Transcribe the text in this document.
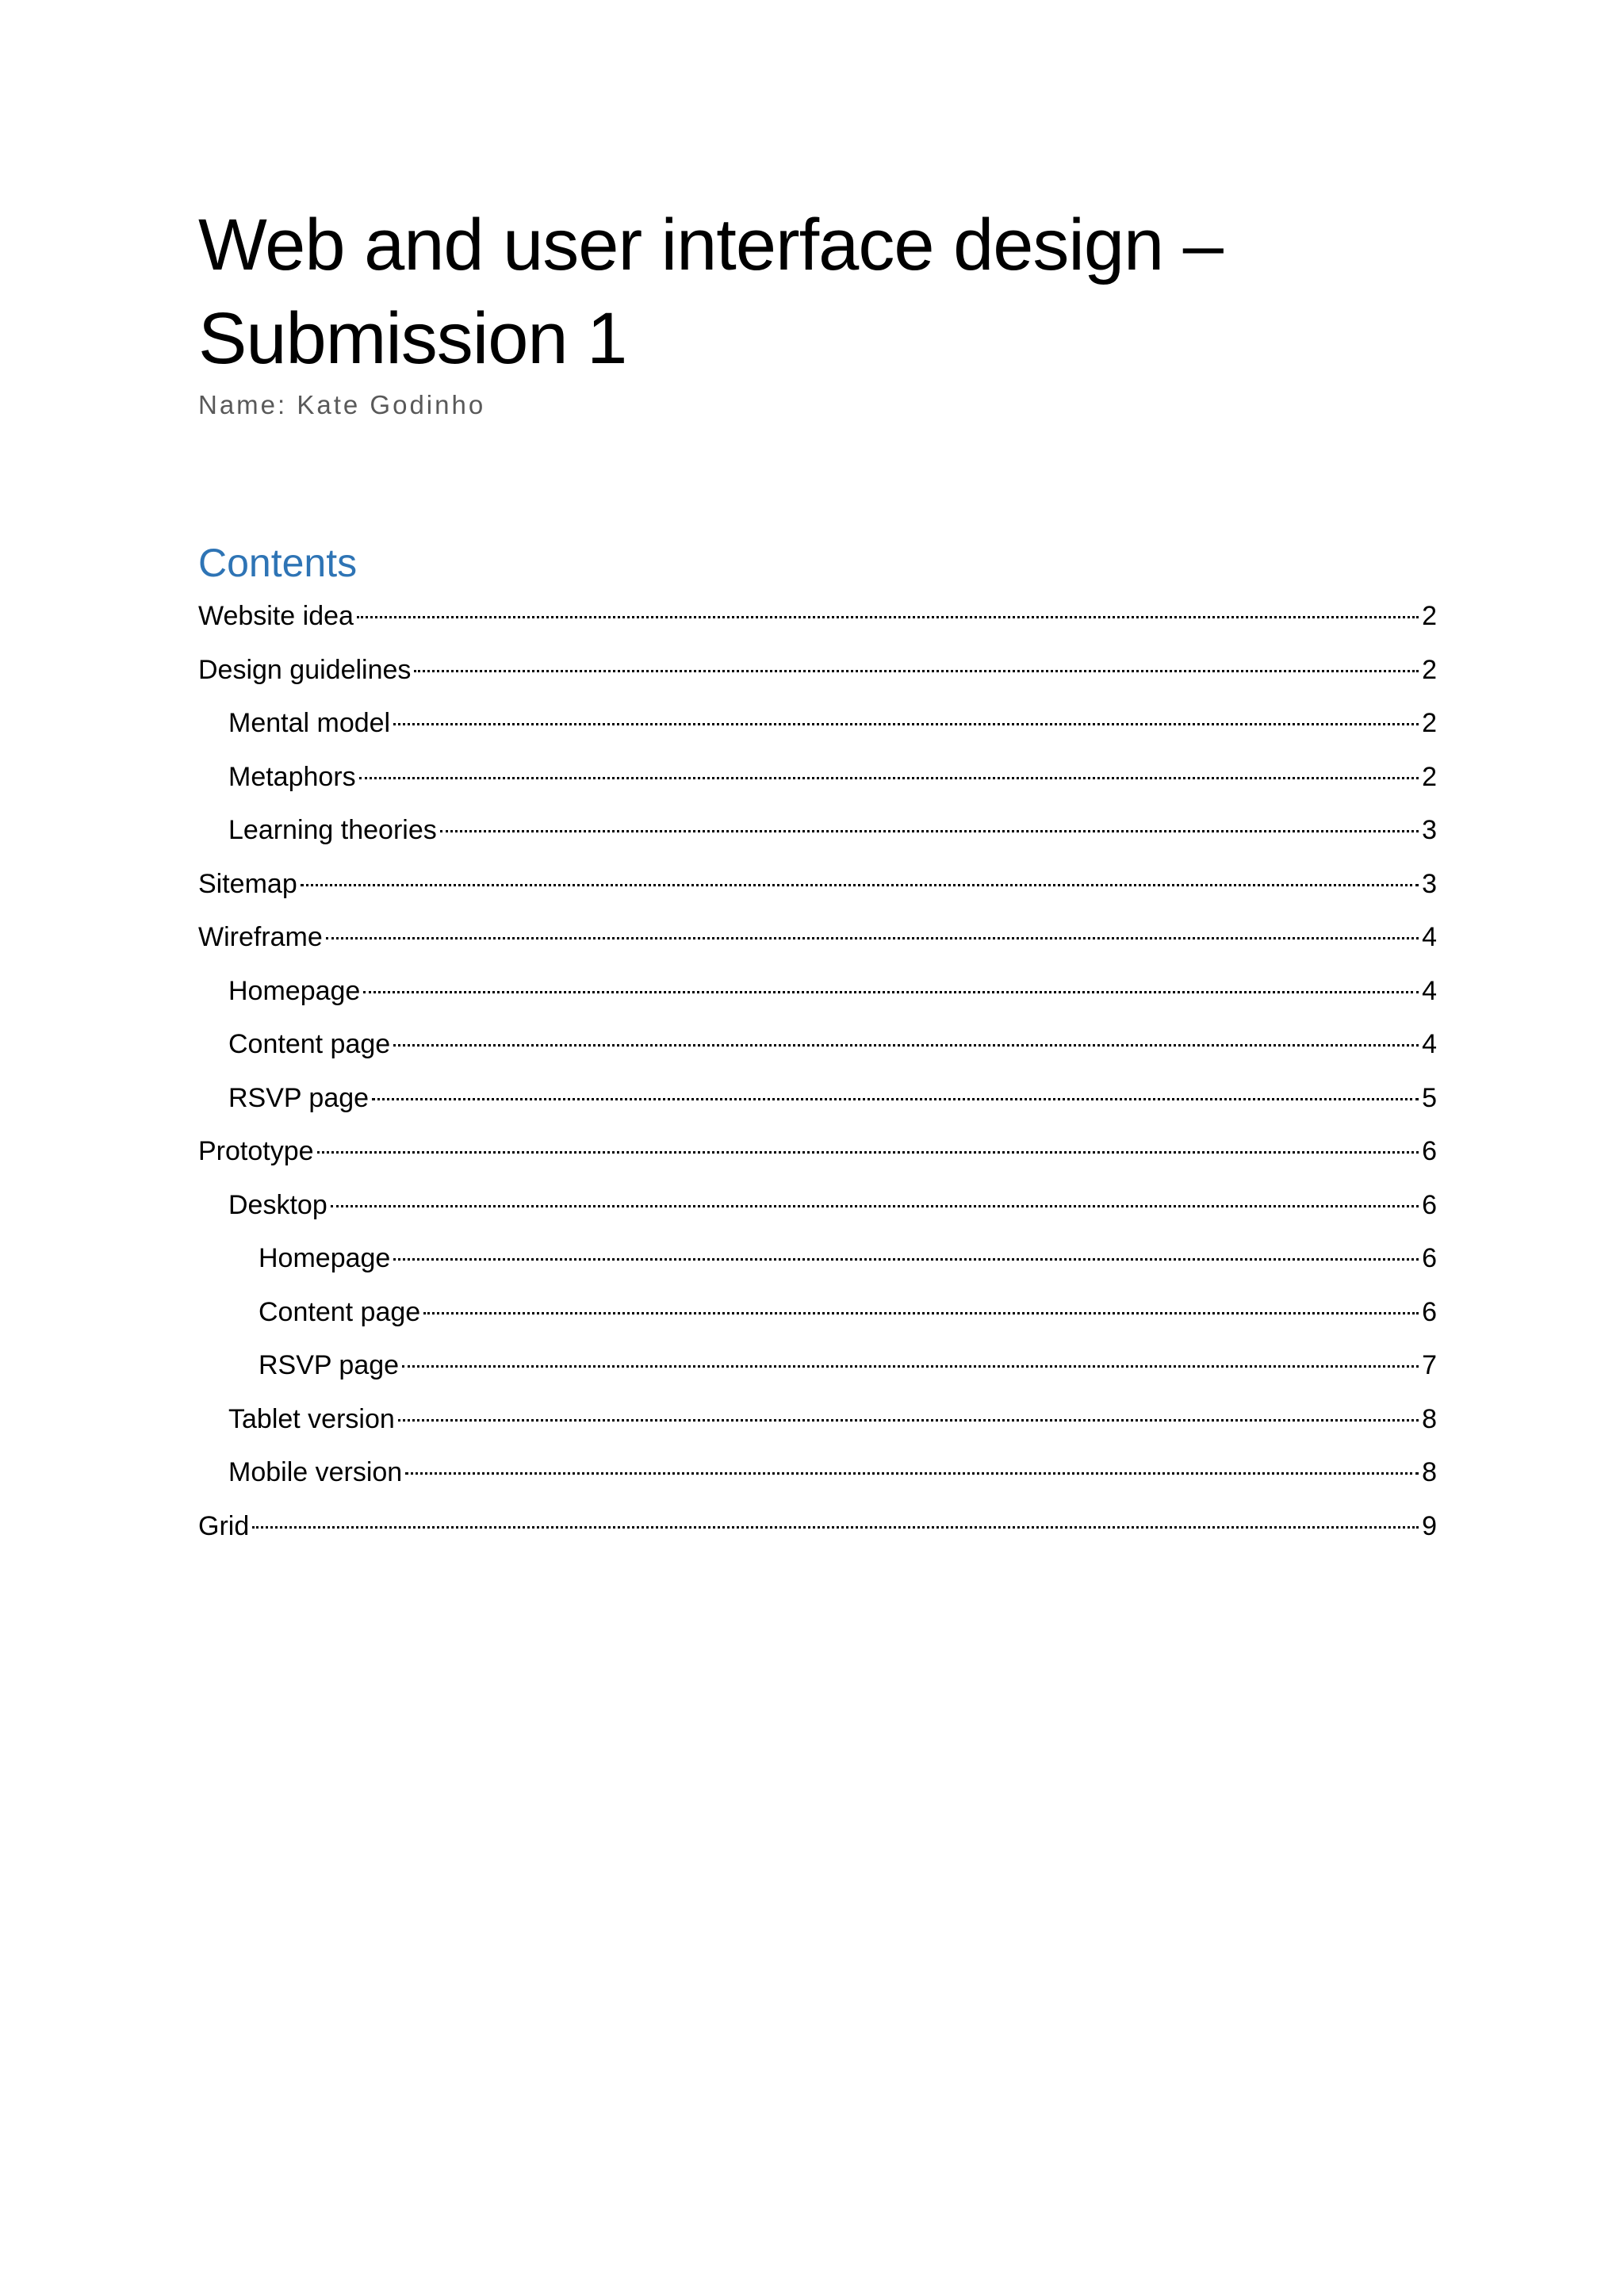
Web and user interface design –
Submission 1
Name: Kate Godinho
Contents
Website idea	2
Design guidelines	2
Mental model	2
Metaphors	2
Learning theories	3
Sitemap	3
Wireframe	4
Homepage	4
Content page	4
RSVP page	5
Prototype	6
Desktop	6
Homepage	6
Content page	6
RSVP page	7
Tablet version	8
Mobile version	8
Grid	9
